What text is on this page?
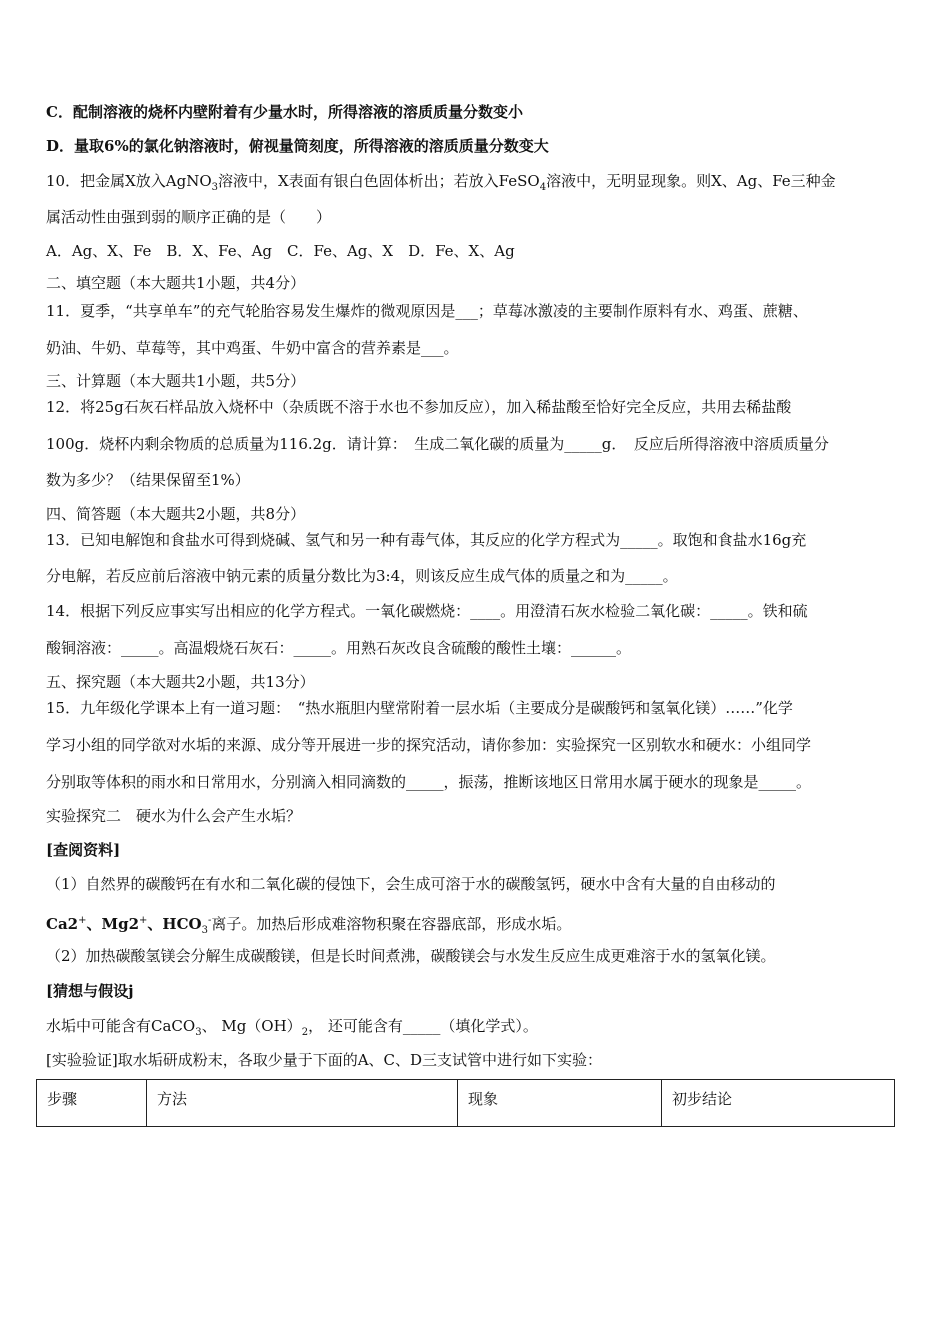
C．配制溶液的烧杯内壁附着有少量水时，所得溶液的溶质质量分数变小
D．量取6%的氯化钠溶液时，俯视量筒刻度，所得溶液的溶质质量分数变大
10．把金属X放入AgNO$_3$溶液中，X表面有银白色固体析出；若放入FeSO$_4$溶液中，无明显现象。则X、Ag、Fe三种金
属活动性由强到弱的顺序正确的是（　　）
A．Ag、X、Fe　B．X、Fe、Ag　C．Fe、Ag、X　D．Fe、X、Ag
二、填空题（本大题共1小题，共4分）
11．夏季，“共享单车”的充气轮胎容易发生爆炸的微观原因是___；草莓冰激凌的主要制作原料有水、鸡蛋、蔗糖、
奶油、牛奶、草莓等，其中鸡蛋、牛奶中富含的营养素是___。
三、计算题（本大题共1小题，共5分）
12．将25g石灰石样品放入烧杯中（杂质既不溶于水也不参加反应），加入稀盐酸至恰好完全反应，共用去稀盐酸
100g．烧杯内剩余物质的总质量为116.2g．请计算：　生成二氧化碳的质量为_____g．　反应后所得溶液中溶质质量分
数为多少？（结果保留至1%）
四、简答题（本大题共2小题，共8分）
13．已知电解饱和食盐水可得到烧碱、氢气和另一种有毒气体，其反应的化学方程式为_____。取饱和食盐水16g充
分电解，若反应前后溶液中钠元素的质量分数比为3:4，则该反应生成气体的质量之和为_____。
14．根据下列反应事实写出相应的化学方程式。一氧化碳燃烧：____。用澄清石灰水检验二氧化碳：_____。铁和硫
酸铜溶液：_____。高温煅烧石灰石：_____。用熟石灰改良含硫酸的酸性土壤：______。
五、探究题（本大题共2小题，共13分）
15．九年级化学课本上有一道习题：　“热水瓶胆内壁常附着一层水垢（主要成分是碳酸钙和氢氧化镁）……”化学
学习小组的同学欲对水垢的来源、成分等开展进一步的探究活动，请你参加：实验探究一区别软水和硬水：小组同学
分别取等体积的雨水和日常用水，分别滴入相同滴数的_____，振荡，推断该地区日常用水属于硬水的现象是_____。
实验探究二　硬水为什么会产生水垢？
[查阅资料]
（1）自然界的碳酸钙在有水和二氧化碳的侵蚀下，会生成可溶于水的碳酸氢钙，硬水中含有大量的自由移动的
Ca2+、Mg2+、$HCO_3^-$离子。加热后形成难溶物积聚在容器底部，形成水垢。
（2）加热碳酸氢镁会分解生成碳酸镁，但是长时间煮沸，碳酸镁会与水发生反应生成更难溶于水的氢氧化镁。
[猜想与假设j
水垢中可能含有CaCO$_3$、 $Mg(OH)_2$， 还可能含有_____（填化学式）。
[实验验证]取水垢研成粉末，各取少量于下面的A、C、D三支试管中进行如下实验：
步骤	方法	现象	初步结论
